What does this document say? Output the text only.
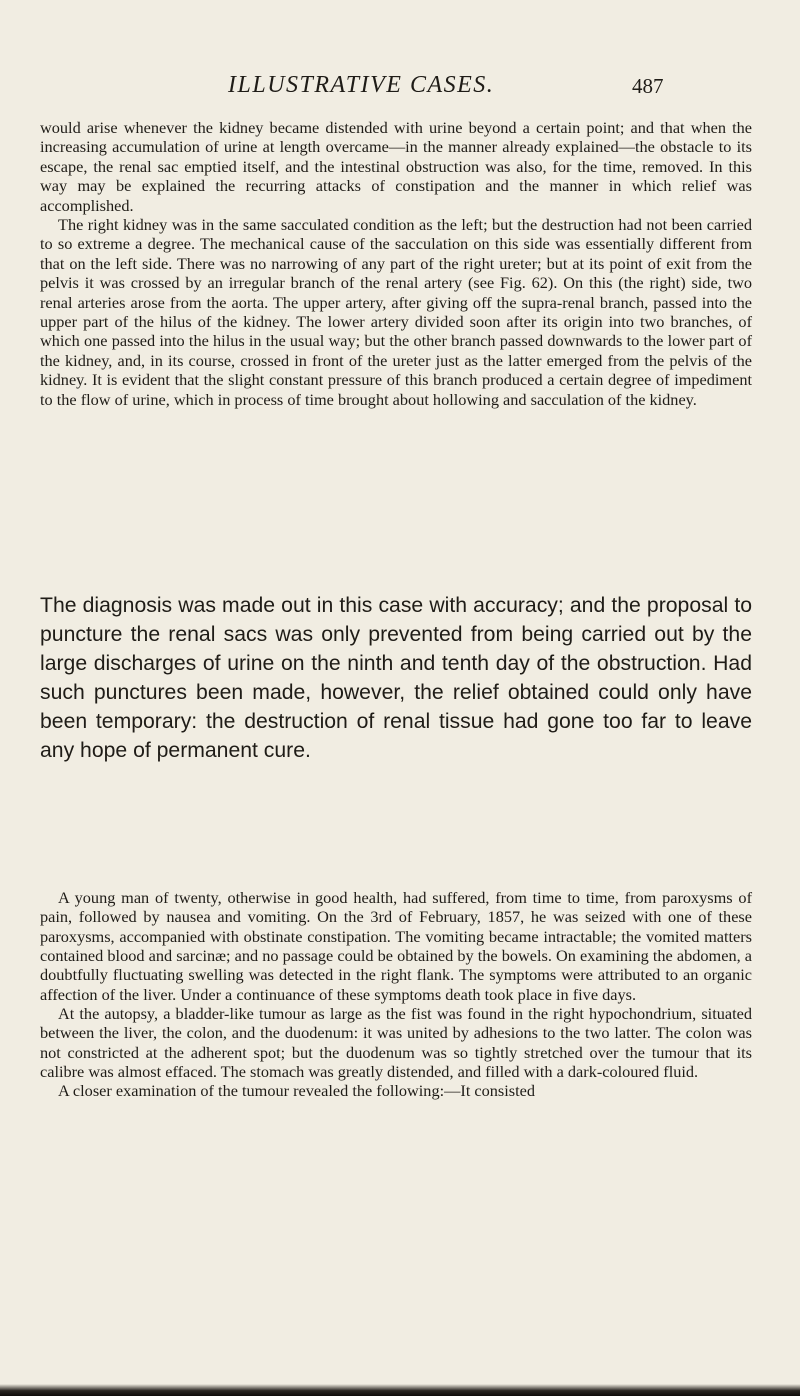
ILLUSTRATIVE CASES.	487

would arise whenever the kidney became distended with urine beyond a certain point; and that when the increasing accumulation of urine at length overcame—in the manner already explained—the obstacle to its escape, the renal sac emptied itself, and the intestinal obstruction was also, for the time, removed. In this way may be explained the recurring attacks of constipation and the manner in which relief was accomplished.

The right kidney was in the same sacculated condition as the left; but the destruction had not been carried to so extreme a degree. The mechanical cause of the sacculation on this side was essentially different from that on the left side. There was no narrowing of any part of the right ureter; but at its point of exit from the pelvis it was crossed by an irregular branch of the renal artery (see Fig. 62). On this (the right) side, two renal arteries arose from the aorta. The upper artery, after giving off the supra-renal branch, passed into the upper part of the hilus of the kidney. The lower artery divided soon after its origin into two branches, of which one passed into the hilus in the usual way; but the other branch passed downwards to the lower part of the kidney, and, in its course, crossed in front of the ureter just as the latter emerged from the pelvis of the kidney. It is evident that the slight constant pressure of this branch produced a certain degree of impediment to the flow of urine, which in process of time brought about hollowing and sacculation of the kidney.

The diagnosis was made out in this case with accuracy; and the proposal to puncture the renal sacs was only prevented from being carried out by the large discharges of urine on the ninth and tenth day of the obstruction. Had such punctures been made, however, the relief obtained could only have been temporary: the destruction of renal tissue had gone too far to leave any hope of permanent cure.

A young man of twenty, otherwise in good health, had suffered, from time to time, from paroxysms of pain, followed by nausea and vomiting. On the 3rd of February, 1857, he was seized with one of these paroxysms, accompanied with obstinate constipation. The vomiting became intractable; the vomited matters contained blood and sarcinæ; and no passage could be obtained by the bowels. On examining the abdomen, a doubtfully fluctuating swelling was detected in the right flank. The symptoms were attributed to an organic affection of the liver. Under a continuance of these symptoms death took place in five days.

At the autopsy, a bladder-like tumour as large as the fist was found in the right hypochondrium, situated between the liver, the colon, and the duodenum: it was united by adhesions to the two latter. The colon was not constricted at the adherent spot; but the duodenum was so tightly stretched over the tumour that its calibre was almost effaced. The stomach was greatly distended, and filled with a dark-coloured fluid.

A closer examination of the tumour revealed the following:—It consisted
